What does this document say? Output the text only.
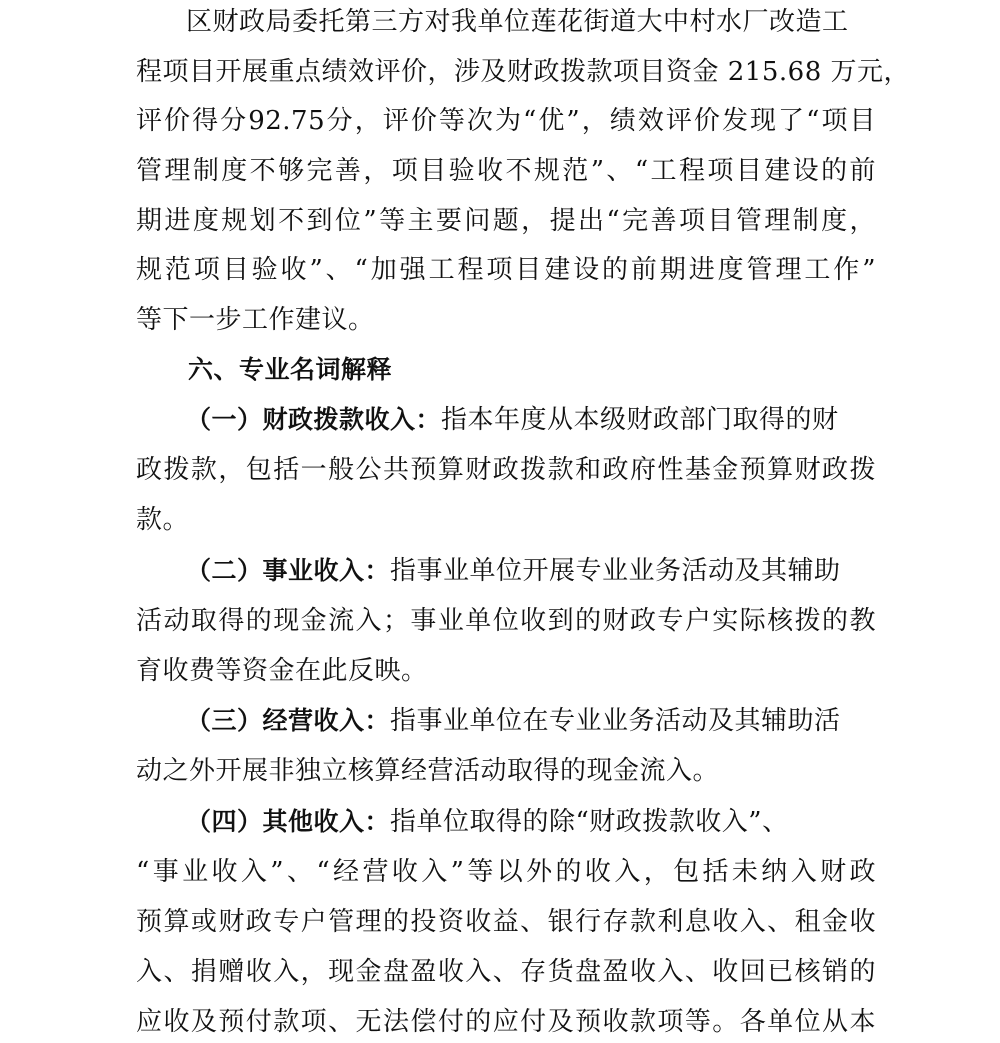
区财政局委托第三方对我单位莲花街道大中村水厂改造工
程项目开展重点绩效评价，涉及财政拨款项目资金 215.68 万元，
评价得分92.75分，评价等次为“优”，绩效评价发现了“项目
管理制度不够完善，项目验收不规范”、“工程项目建设的前
期进度规划不到位”等主要问题，提出“完善项目管理制度，
规范项目验收”、“加强工程项目建设的前期进度管理工作”
等下一步工作建议。
六、专业名词解释
（一）财政拨款收入：指本年度从本级财政部门取得的财
政拨款，包括一般公共预算财政拨款和政府性基金预算财政拨
款。
（二）事业收入：指事业单位开展专业业务活动及其辅助
活动取得的现金流入；事业单位收到的财政专户实际核拨的教
育收费等资金在此反映。
（三）经营收入：指事业单位在专业业务活动及其辅助活
动之外开展非独立核算经营活动取得的现金流入。
（四）其他收入：指单位取得的除“财政拨款收入”、
“事业收入”、“经营收入”等以外的收入，包括未纳入财政
预算或财政专户管理的投资收益、银行存款利息收入、租金收
入、捐赠收入，现金盘盈收入、存货盘盈收入、收回已核销的
应收及预付款项、无法偿付的应付及预收款项等。各单位从本
